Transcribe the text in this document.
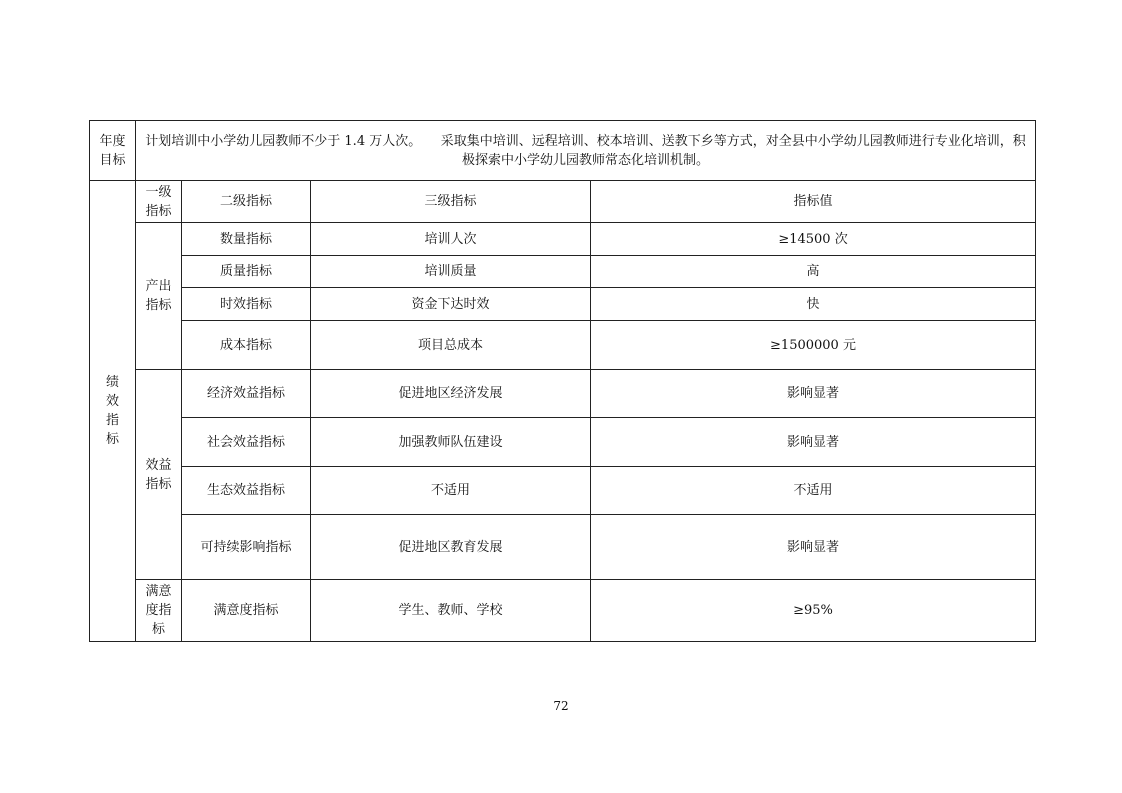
年度目标	计划培训中小学幼儿园教师不少于 1.4 万人次。　　采取集中培训、远程培训、校本培训、送教下乡等方式，对全县中小学幼儿园教师进行专业化培训，积极探索中小学幼儿园教师常态化培训机制。			

绩
效
指
标	一级指标	二级指标	三级指标	指标值
	产出指标	数量指标	培训人次	≥14500 次
		质量指标	培训质量	高
		时效指标	资金下达时效	快
		成本指标	项目总成本	≥1500000 元
	效益指标	经济效益指标	促进地区经济发展	影响显著
		社会效益指标	加强教师队伍建设	影响显著
		生态效益指标	不适用	不适用
		可持续影响指标	促进地区教育发展	影响显著
	满意度指标	满意度指标	学生、教师、学校	≥95%
72
